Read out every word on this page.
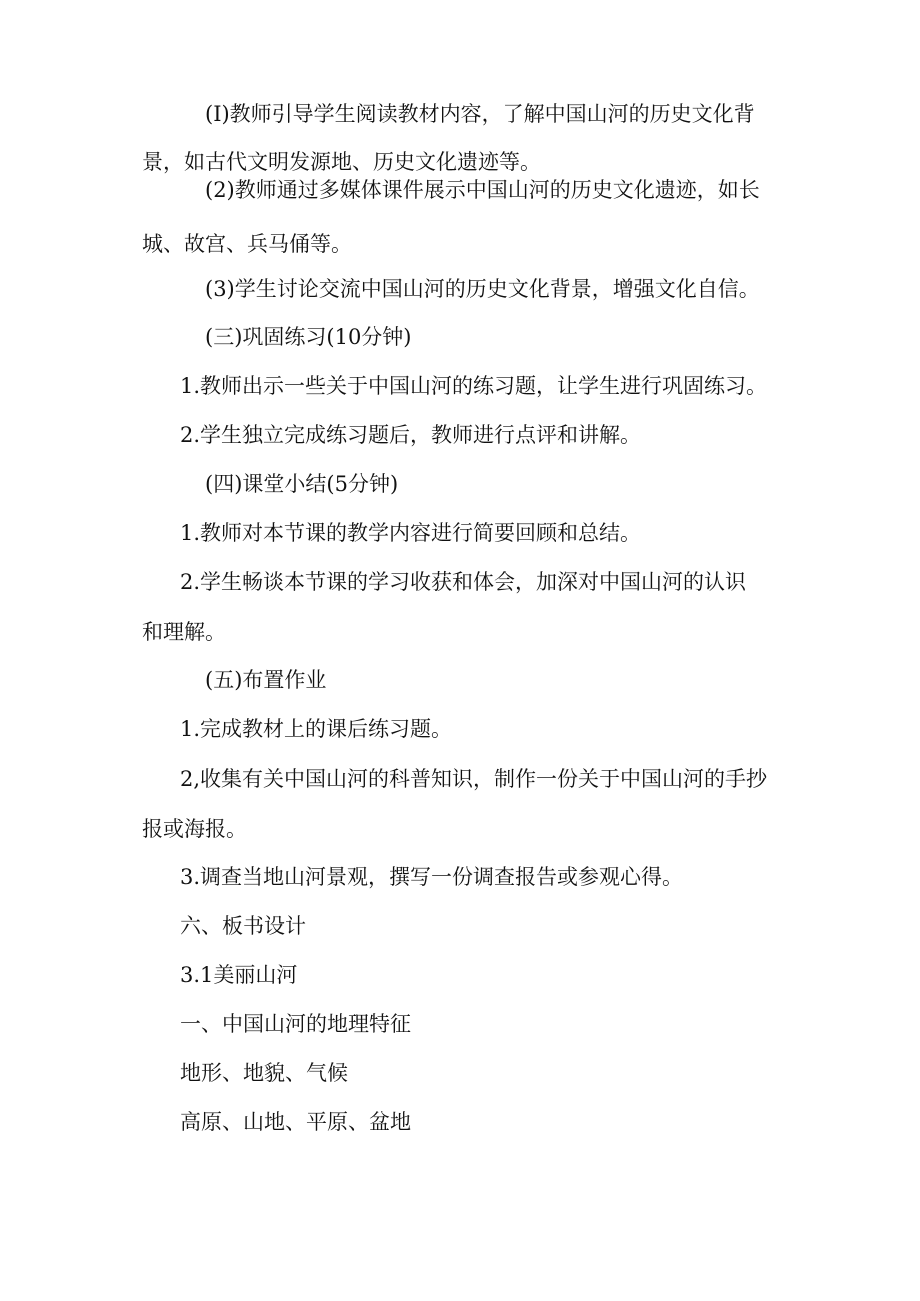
(I)教师引导学生阅读教材内容，了解中国山河的历史文化背
景，如古代文明发源地、历史文化遗迹等。
(2)教师通过多媒体课件展示中国山河的历史文化遗迹，如长
城、故宫、兵马俑等。
(3)学生讨论交流中国山河的历史文化背景，增强文化自信。
(三)巩固练习(10分钟)
1.教师出示一些关于中国山河的练习题，让学生进行巩固练习。
2.学生独立完成练习题后，教师进行点评和讲解。
(四)课堂小结(5分钟)
1.教师对本节课的教学内容进行简要回顾和总结。
2.学生畅谈本节课的学习收获和体会，加深对中国山河的认识
和理解。
(五)布置作业
1.完成教材上的课后练习题。
2,收集有关中国山河的科普知识，制作一份关于中国山河的手抄
报或海报。
3.调查当地山河景观，撰写一份调查报告或参观心得。
六、板书设计
3.1美丽山河
一、中国山河的地理特征
地形、地貌、气候
高原、山地、平原、盆地
